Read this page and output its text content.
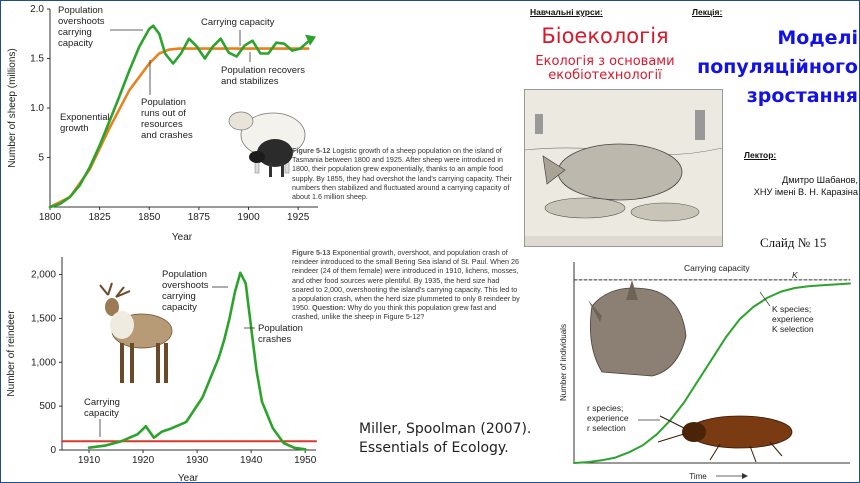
1800	1825	1850	1875	1900	1925
5
1.0
1.5
2.0
Year
Number of sheep (millions)
Population
overshoots
carrying
capacity
Carrying capacity
Exponential
growth
Population
runs out of
resources
and crashes
Population recovers
and stabilizes
Figure 5-12 Logistic growth of a sheep population on the island of Tasmania between 1800 and 1925. After sheep were introduced in 1800, their population grew exponentially, thanks to an ample food supply. By 1855, they had overshot the land's carrying capacity. Their numbers then stabilized and fluctuated around a carrying capacity of about 1.6 million sheep.
1910	1920	1930	1940	1950
0
500
1,000
1,500
2,000
Year
Number of reindeer
Population
overshoots
carrying
capacity
Population
crashes
Carrying
capacity
Figure 5-13 Exponential growth, overshoot, and population crash of reindeer introduced to the small Bering Sea island of St. Paul. When 26 reindeer (24 of them female) were introduced in 1910, lichens, mosses, and other food sources were plentiful. By 1935, the herd size had soared to 2,000, overshooting the island's carrying capacity. This led to a population crash, when the herd size plummeted to only 8 reindeer by 1950. Question: Why do you think this population grew fast and crashed, unlike the sheep in Figure 5-12?
Miller, Spoolman (2007).
Essentials of Ecology.
Навчальні курси:	Лекція:
Біоекологія
Екологія з основами
екобіотехнології
Моделі
популяційного
зростання
Лектор:
Дмитро Шабанов,
ХНУ імені В. Н. Каразіна
Слайд № 15
Time
Number of individuals
Carrying capacity
K
K species;
experience
K selection
r species;
experience
r selection
